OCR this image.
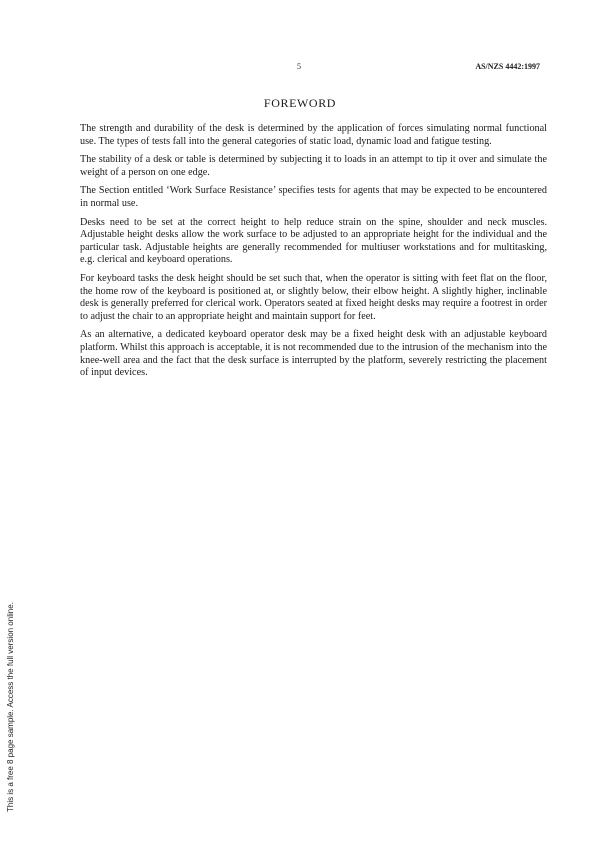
5	AS/NZS 4442:1997
FOREWORD

The strength and durability of the desk is determined by the application of forces simulating normal functional use. The types of tests fall into the general categories of static load, dynamic load and fatigue testing.

The stability of a desk or table is determined by subjecting it to loads in an attempt to tip it over and simulate the weight of a person on one edge.

The Section entitled ‘Work Surface Resistance’ specifies tests for agents that may be expected to be encountered in normal use.

Desks need to be set at the correct height to help reduce strain on the spine, shoulder and neck muscles. Adjustable height desks allow the work surface to be adjusted to an appropriate height for the individual and the particular task. Adjustable heights are generally recommended for multiuser workstations and for multitasking, e.g. clerical and keyboard operations.

For keyboard tasks the desk height should be set such that, when the operator is sitting with feet flat on the floor, the home row of the keyboard is positioned at, or slightly below, their elbow height. A slightly higher, inclinable desk is generally preferred for clerical work. Operators seated at fixed height desks may require a footrest in order to adjust the chair to an appropriate height and maintain support for feet.

As an alternative, a dedicated keyboard operator desk may be a fixed height desk with an adjustable keyboard platform. Whilst this approach is acceptable, it is not recommended due to the intrusion of the mechanism into the knee-well area and the fact that the desk surface is interrupted by the platform, severely restricting the placement of input devices.

This is a free 8 page sample. Access the full version online.
